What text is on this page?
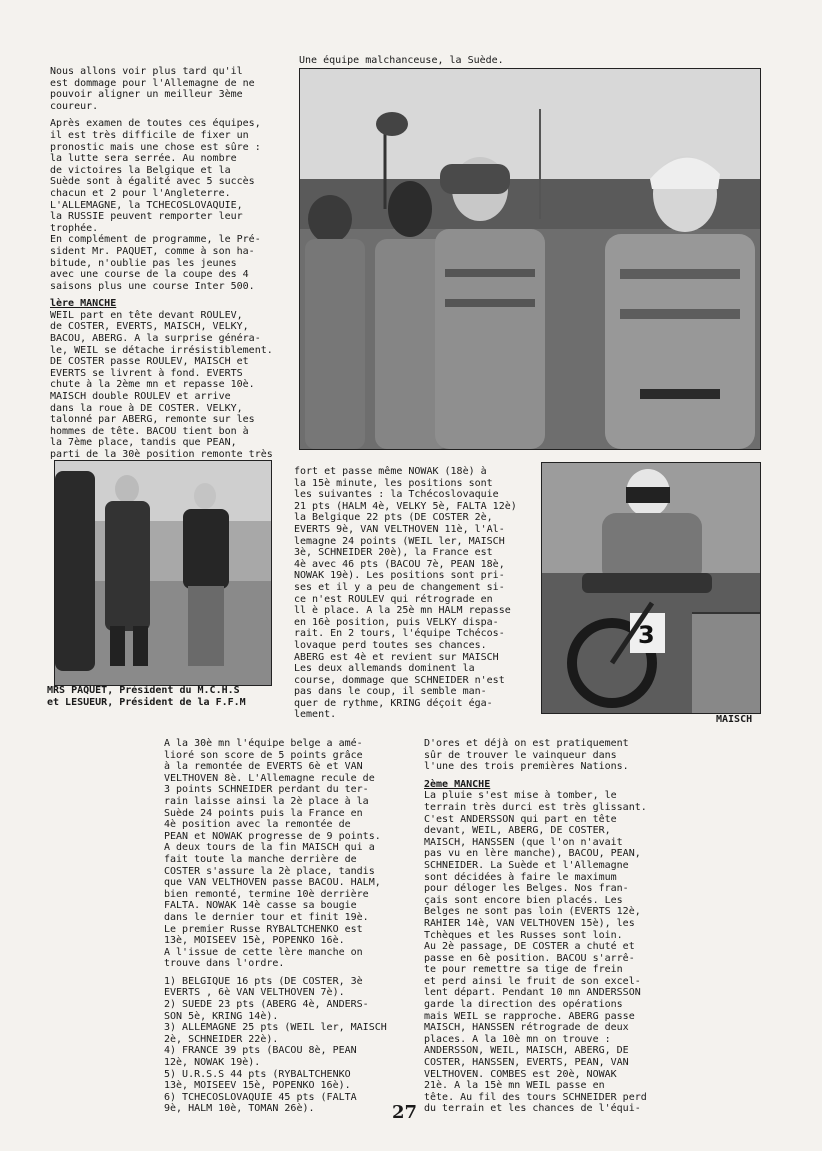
Nous allons voir plus tard qu'il
est dommage pour l'Allemagne de ne
pouvoir aligner un meilleur 3ème
coureur.

Après examen de toutes ces équipes,
il est très difficile de fixer un
pronostic mais une chose est sûre :
la lutte sera serrée. Au nombre
de victoires la Belgique et la
Suède sont à égalité avec 5 succès
chacun et 2 pour l'Angleterre.
L'ALLEMAGNE, la TCHECOSLOVAQUIE,
la RUSSIE peuvent remporter leur
trophée.
En complément de programme, le Pré-
sident Mr. PAQUET, comme à son ha-
bitude, n'oublie pas les jeunes
avec une course de la coupe des 4
saisons plus une course Inter 500.

lère MANCHE

WEIL part en tête devant ROULEV,
de COSTER, EVERTS, MAISCH, VELKY,
BACOU, ABERG. A la surprise généra-
le, WEIL se détache irrésistiblement.
DE COSTER passe ROULEV, MAISCH et
EVERTS se livrent à fond. EVERTS
chute à la 2ème mn et repasse 10è.
MAISCH double ROULEV et arrive
dans la roue à DE COSTER. VELKY,
talonné par ABERG, remonte sur les
hommes de tête. BACOU tient bon à
la 7ème place, tandis que PEAN,
parti de la 30è position remonte très

Une équipe malchanceuse, la Suède.
MRS PAQUET, Président du M.C.H.S
et LESUEUR, Président de la F.F.M

fort et passe même NOWAK (18è) à
la 15è minute, les positions sont
les suivantes : la Tchécoslovaquie
21 pts (HALM 4è, VELKY 5è, FALTA 12è)
la Belgique 22 pts (DE COSTER 2è,
EVERTS 9è, VAN VELTHOVEN 11è, l'Al-
lemagne 24 points (WEIL ler, MAISCH
3è, SCHNEIDER 20è), la France est
4è avec 46 pts (BACOU 7è, PEAN 18è,
NOWAK 19è). Les positions sont pri-
ses et il y a peu de changement si-
ce n'est ROULEV qui rétrograde en
ll è place. A la 25è mn HALM repasse
en 16è position, puis VELKY dispa-
rait. En 2 tours, l'équipe Tchécos-
lovaque perd toutes ses chances.
ABERG est 4è et revient sur MAISCH
Les deux allemands dominent la
course, dommage que SCHNEIDER n'est
pas dans le coup, il semble man-
quer de rythme, KRING déçoit éga-
lement.

3
MAISCH

A la 30è mn l'équipe belge a amé-
lioré son score de 5 points grâce
à la remontée de EVERTS 6è et VAN
VELTHOVEN 8è. L'Allemagne recule de
3 points SCHNEIDER perdant du ter-
rain laisse ainsi la 2è place à la
Suède 24 points puis la France en
4è position avec la remontée de
PEAN et NOWAK progresse de 9 points.
A deux tours de la fin MAISCH qui a
fait toute la manche derrière de
COSTER s'assure la 2è place, tandis
que VAN VELTHOVEN passe BACOU. HALM,
bien remonté, termine 10è derrière
FALTA. NOWAK 14è casse sa bougie
dans le dernier tour et finit 19è.
Le premier Russe RYBALTCHENKO est
13è, MOISEEV 15è, POPENKO 16è.
A l'issue de cette lère manche on
trouve dans l'ordre.

1) BELGIQUE 16 pts (DE COSTER, 3è
EVERTS , 6è VAN VELTHOVEN 7è).

2) SUEDE 23 pts (ABERG 4è, ANDERS-
SON 5è, KRING 14è).

3) ALLEMAGNE 25 pts (WEIL ler, MAISCH
2è, SCHNEIDER 22è).

4) FRANCE 39 pts (BACOU 8è, PEAN
12è, NOWAK 19è).

5) U.R.S.S 44 pts (RYBALTCHENKO
13è, MOISEEV 15è, POPENKO 16è).

6) TCHECOSLOVAQUIE 45 pts (FALTA
9è, HALM 10è, TOMAN 26è).

D'ores et déjà on est pratiquement
sûr de trouver le vainqueur dans
l'une des trois premières Nations.

2ème MANCHE

La pluie s'est mise à tomber, le
terrain très durci est très glissant.
C'est ANDERSSON qui part en tête
devant, WEIL, ABERG, DE COSTER,
MAISCH, HANSSEN (que l'on n'avait
pas vu en lère manche), BACOU, PEAN,
SCHNEIDER. La Suède et l'Allemagne
sont décidées à faire le maximum
pour déloger les Belges. Nos fran-
çais sont encore bien placés. Les
Belges ne sont pas loin (EVERTS 12è,
RAHIER 14è, VAN VELTHOVEN 15è), les
Tchèques et les Russes sont loin.
Au 2è passage, DE COSTER a chuté et
passe en 6è position. BACOU s'arrê-
te pour remettre sa tige de frein
et perd ainsi le fruit de son excel-
lent départ. Pendant 10 mn ANDERSSON
garde la direction des opérations
mais WEIL se rapproche. ABERG passe
MAISCH, HANSSEN rétrograde de deux
places. A la 10è mn on trouve :
ANDERSSON, WEIL, MAISCH, ABERG, DE
COSTER, HANSSEN, EVERTS, PEAN, VAN
VELTHOVEN. COMBES est 20è, NOWAK
21è. A la 15è mn WEIL passe en
tête. Au fil des tours SCHNEIDER perd
du terrain et les chances de l'équi-

27
